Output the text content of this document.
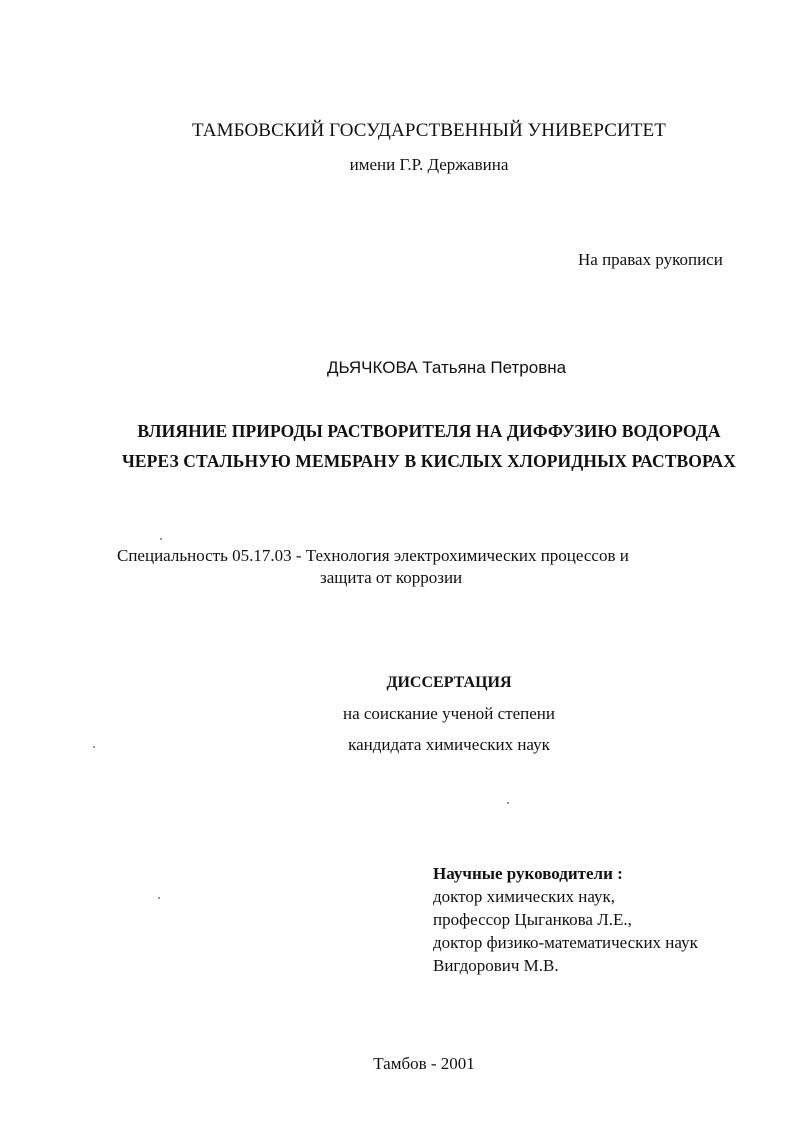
ТАМБОВСКИЙ ГОСУДАРСТВЕННЫЙ УНИВЕРСИТЕТ
имени Г.Р. Державина
На правах рукописи
ДЬЯЧКОВА Татьяна Петровна
ВЛИЯНИЕ ПРИРОДЫ РАСТВОРИТЕЛЯ НА ДИФФУЗИЮ ВОДОРОДА
ЧЕРЕЗ СТАЛЬНУЮ МЕМБРАНУ В КИСЛЫХ ХЛОРИДНЫХ РАСТВОРАХ
Специальность 05.17.03 - Технология электрохимических процессов и
защита от коррозии
ДИССЕРТАЦИЯ
на соискание ученой степени
кандидата химических наук
Научные руководители :
доктор химических наук,
профессор Цыганкова Л.Е.,
доктор физико-математических наук
Вигдорович М.В.
Тамбов - 2001
